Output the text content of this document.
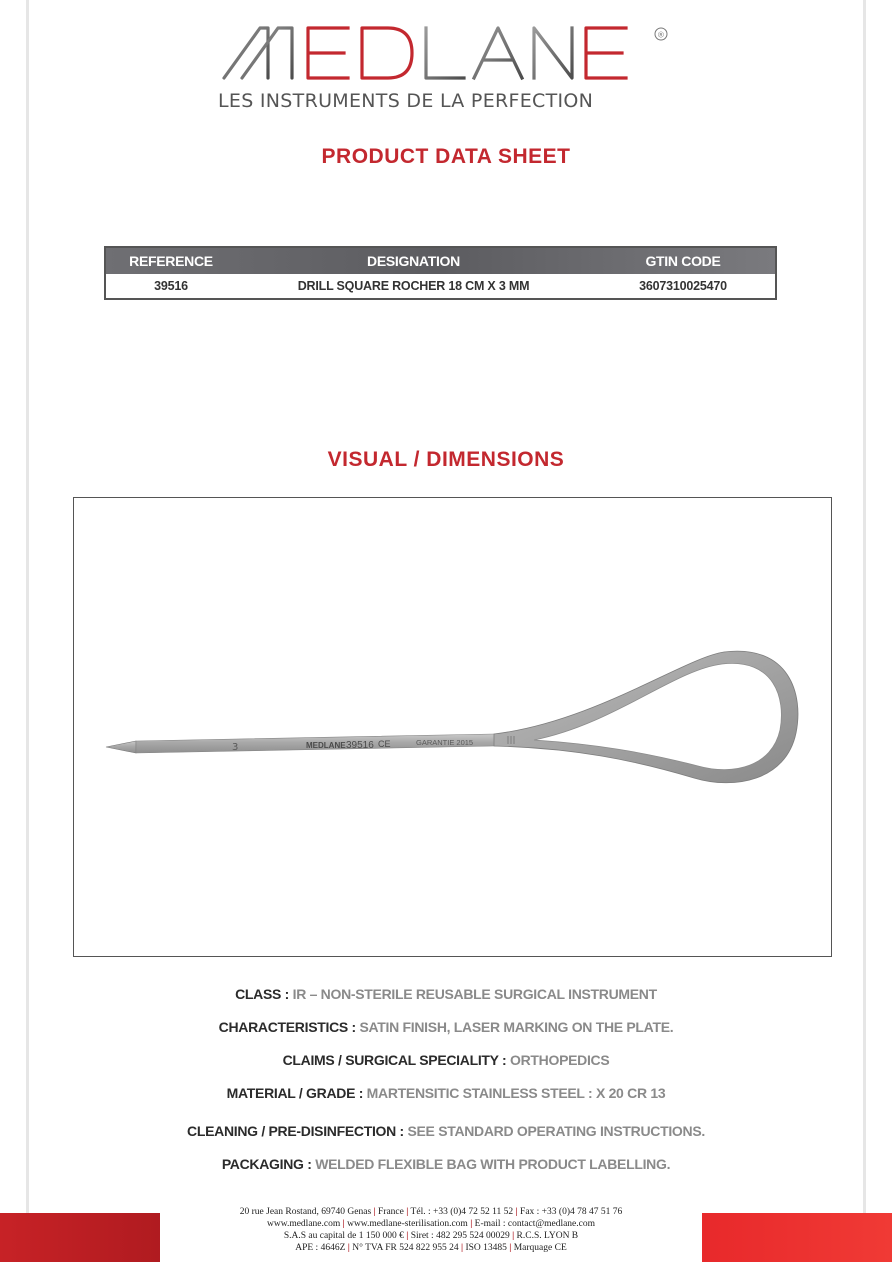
®
LES INSTRUMENTS DE LA PERFECTION
PRODUCT DATA SHEET
REFERENCE	DESIGNATION	GTIN CODE
39516	DRILL SQUARE ROCHER 18 CM X 3 MM	3607310025470
VISUAL / DIMENSIONS
3	MEDLANE 39516 CE	GARANTIE 2015
CLASS : IR – NON-STERILE REUSABLE SURGICAL INSTRUMENT
CHARACTERISTICS : SATIN FINISH, LASER MARKING ON THE PLATE.
CLAIMS / SURGICAL SPECIALITY : ORTHOPEDICS
MATERIAL / GRADE : MARTENSITIC STAINLESS STEEL : X 20 CR 13
CLEANING / PRE-DISINFECTION : SEE STANDARD OPERATING INSTRUCTIONS.
PACKAGING : WELDED FLEXIBLE BAG WITH PRODUCT LABELLING.
20 rue Jean Rostand, 69740 Genas | France | Tél. : +33 (0)4 72 52 11 52 | Fax : +33 (0)4 78 47 51 76
www.medlane.com | www.medlane-sterilisation.com | E-mail : contact@medlane.com
S.A.S au capital de 1 150 000 € | Siret : 482 295 524 00029 | R.C.S. LYON B
APE : 4646Z | N° TVA FR 524 822 955 24 | ISO 13485 | Marquage CE
